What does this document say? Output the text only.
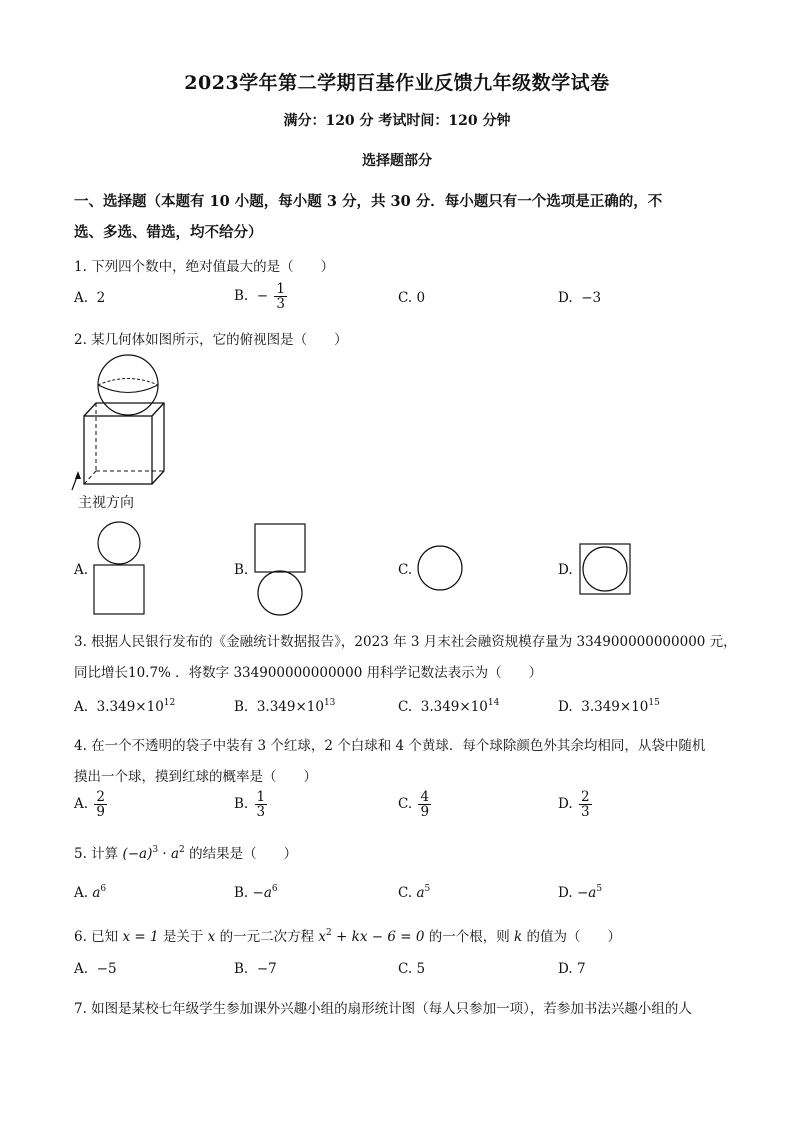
2023学年第二学期百基作业反馈九年级数学试卷
满分：120 分 考试时间：120 分钟
选择题部分
一、选择题（本题有 10 小题，每小题 3 分，共 30 分．每小题只有一个选项是正确的，不
选、多选、错选，均不给分）
1. 下列四个数中，绝对值最大的是（　　）
A. 2	B. − $\frac{1}{3}$	C. 0	D. −3
2. 某几何体如图所示，它的俯视图是（　　）
主视方向
A.	B.	C.	D.
3. 根据人民银行发布的《金融统计数据报告》，2023 年 3 月末社会融资规模存量为 334900000000000 元，
同比增长10.7% ．将数字 334900000000000 用科学记数法表示为（　　）
A. $3.349\times 10^{12}$	B. $3.349\times 10^{13}$	C. $3.349\times 10^{14}$	D. $3.349\times 10^{15}$
4. 在一个不透明的袋子中装有 3 个红球，2 个白球和 4 个黄球．每个球除颜色外其余均相同，从袋中随机
摸出一个球，摸到红球的概率是（　　）
A. $\frac{2}{9}$	B. $\frac{1}{3}$	C. $\frac{4}{9}$	D. $\frac{2}{3}$
5. 计算 $(-a)^3 \cdot a^2$ 的结果是（　　）
A. $a^6$	B. $-a^6$	C. $a^5$	D. $-a^5$
6. 已知 x = 1 是关于 x 的一元二次方程 $x^2$ + kx − 6 = 0 的一个根，则 k 的值为（　　）
A. −5	B. −7	C. 5	D. 7
7. 如图是某校七年级学生参加课外兴趣小组的扇形统计图（每人只参加一项），若参加书法兴趣小组的人
